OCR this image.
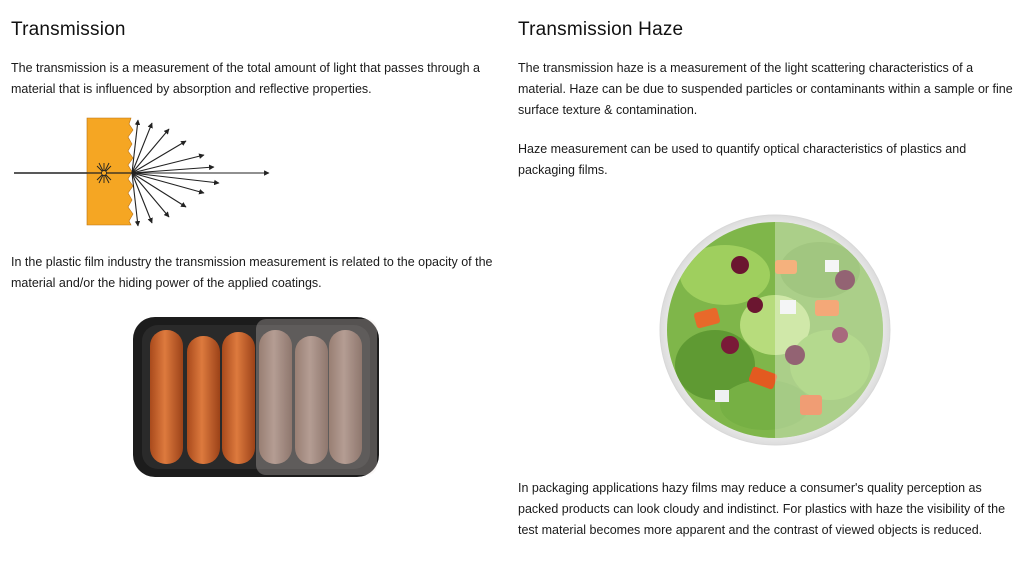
Transmission

The transmission is a measurement of the total amount of light that passes through a material that is influenced by absorption and reflective properties.

In the plastic film industry the transmission measurement is related to the opacity of the material and/or the hiding power of the applied coatings.

Transmission Haze

The transmission haze is a measurement of the light scattering characteristics of a material. Haze can be due to suspended particles or contaminants within a sample or fine surface texture & contamination.

Haze measurement can be used to quantify optical characteristics of plastics and packaging films.

In packaging applications hazy films may reduce a consumer's quality perception as packed products can look cloudy and indistinct. For plastics with haze the visibility of the test material becomes more apparent and the contrast of viewed objects is reduced.
